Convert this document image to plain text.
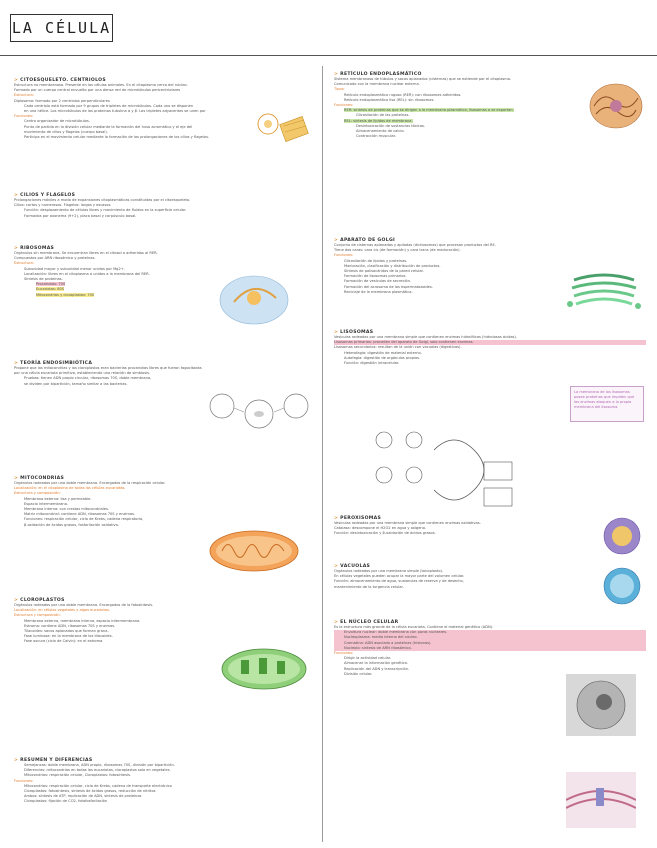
LA CÉLULA
> CITOESQUELETO. CENTRIOLOS
Estructura no membranosa. Presente en las células animales. En el citoplasma cerca del núcleo.
Formado por un cuerpo central envuelto por una densa red de microtúbulos pericentriolares
Estructura:
Diplosoma: formado por 2 centriolos perpendiculares
Cada centriolo está formado por 9 grupos de tripletes de microtúbulos. Cada uno se disponen
en una hélice. Los microtúbulos de las proteínas tubulina α y β. Los tripletes adyacentes se unen por
Funciones:
Centro organizador de microtúbulos.
Punto de partida en la división celular mediante la formación del huso acromático y el eje del
movimiento de cilios y flagelos (cuerpo basal).
Participa en el movimiento celular mediante la formación de las prolongaciones de los cilios y flagelos.
> CILIOS Y FLAGELOS
Prolongaciones móviles a modo de expansiones citoplasmáticas constituidas por el citoesqueleto.
Cilios: cortos y numerosos. Flagelos: largos y escasos.
Función: desplazamiento de células libres y movimiento de fluidos en la superficie celular.
Formados por axonema (9+2), placa basal y corpúsculo basal.
> RIBOSOMAS
Orgánulos sin membrana. Se encuentran libres en el citosol o adheridos al RER.
Compuestos por ARN ribosómico y proteínas.
Estructura:
Subunidad mayor y subunidad menor unidas por Mg2+.
Localización: libres en el citoplasma o unidos a la membrana del RER.
Síntesis de proteínas.
Procariotas: 70S
Eucariotas: 80S
Mitocondrias y cloroplastos: 70S
> TEORÍA ENDOSIMBIÓTICA
Propone que las mitocondrias y los cloroplastos eran bacterias procariotas libres que fueron fagocitadas
por una célula eucariota primitiva, estableciendo una relación de simbiosis.
Pruebas: tienen ADN propio circular, ribosomas 70S, doble membrana,
se dividen por bipartición, tamaño similar a las bacterias.
> MITOCONDRIAS
Orgánulos rodeados por una doble membrana. Encargados de la respiración celular.
Localización: en el citoplasma de todas las células eucariotas.
Estructura y composición:
Membrana externa: lisa y permeable.
Espacio intermembrana.
Membrana interna: con crestas mitocondriales.
Matriz mitocondrial: contiene ADN, ribosomas 70S y enzimas.
Funciones: respiración celular, ciclo de Krebs, cadena respiratoria,
β-oxidación de ácidos grasos, fosforilación oxidativa.
> CLOROPLASTOS
Orgánulos rodeados por una doble membrana. Encargados de la fotosíntesis.
Localización: en células vegetales y algas eucariotas.
Estructura y composición:
Membrana externa, membrana interna, espacio intermembrana.
Estroma: contiene ADN, ribosomas 70S y enzimas.
Tilacoides: sacos aplanados que forman grana.
Fase luminosa: en la membrana de los tilacoides.
Fase oscura (ciclo de Calvin): en el estroma.
> RESUMEN Y DIFERENCIAS
Semejanzas: doble membrana, ADN propio, ribosomas 70S, división por bipartición.
Diferencias: mitocondrias en todas las eucariotas, cloroplastos solo en vegetales.
Mitocondrias: respiración celular, Cloroplastos: fotosíntesis.
Funciones:
Mitocondrias: respiración celular, ciclo de Krebs, cadena de transporte electrónico
Cloroplastos: fotosíntesis, síntesis de ácidos grasos, reducción de nitritos
Ambos: síntesis de ATP, replicación de ADN, síntesis de proteínas
Cloroplastos: fijación de CO2, fotofosforilación
> RETÍCULO ENDOPLASMÁTICO
Sistema membranoso de túbulos y sacos aplanados (cisternas) que se extiende por el citoplasma.
Comunicado con la membrana nuclear externa.
Tipos:
Retículo endoplasmático rugoso (RER): con ribosomas adheridos.
Retículo endoplasmático liso (REL): sin ribosomas.
Funciones:
RER: síntesis de proteínas que se dirigen a la membrana plasmática, lisosomas o se exportan.
Glicosilación de las proteínas.
REL: síntesis de lípidos de membrana.
Desintoxicación de sustancias tóxicas.
Almacenamiento de calcio.
Contracción muscular.
> APARATO DE GOLGI
Conjunto de cisternas aplanadas y apiladas (dictiosomas) que procesan productos del RE.
Tiene dos caras: cara cis (de formación) y cara trans (de maduración).
Funciones:
Glicosilación de lípidos y proteínas.
Maduración, clasificación y distribución de productos.
Síntesis de polisacáridos de la pared celular.
Formación de lisosomas primarios.
Formación de vesículas de secreción.
Formación del acrosoma de los espermatozoides.
Reciclaje de la membrana plasmática.
> LISOSOMAS
Vesículas rodeadas por una membrana simple que contienen enzimas hidrolíticas (hidrolasas ácidas).
Lisosomas primarios: proceden del aparato de Golgi, solo contienen enzimas.
Lisosomas secundarios: resultan de la unión con vacuolas (digestivas).
Heterofagia: digestión de material externo.
Autofagia: digestión de orgánulos propios.
Función: digestión intracelular.
La membrana de los lisosomas posee proteínas que impiden que las enzimas ataquen a la propia membrana del lisosoma.
> PEROXISOMAS
Vesículas rodeadas por una membrana simple que contienen enzimas oxidativas.
Catalasa: descompone el H2O2 en agua y oxígeno.
Función: desintoxicación y β-oxidación de ácidos grasos.
> VACUOLAS
Orgánulos rodeados por una membrana simple (tonoplasto).
En células vegetales pueden ocupar la mayor parte del volumen celular.
Función: almacenamiento de agua, sustancias de reserva y de desecho,
mantenimiento de la turgencia celular.
> EL NÚCLEO CELULAR
Es la estructura más grande de la célula eucariota. Contiene el material genético (ADN).
Envoltura nuclear: doble membrana con poros nucleares.
Nucleoplasma: medio interno del núcleo.
Cromatina: ADN asociado a proteínas (histonas).
Nucleolo: síntesis de ARN ribosómico.
Funciones:
Dirigir la actividad celular.
Almacenar la información genética.
Replicación del ADN y transcripción.
División celular.
